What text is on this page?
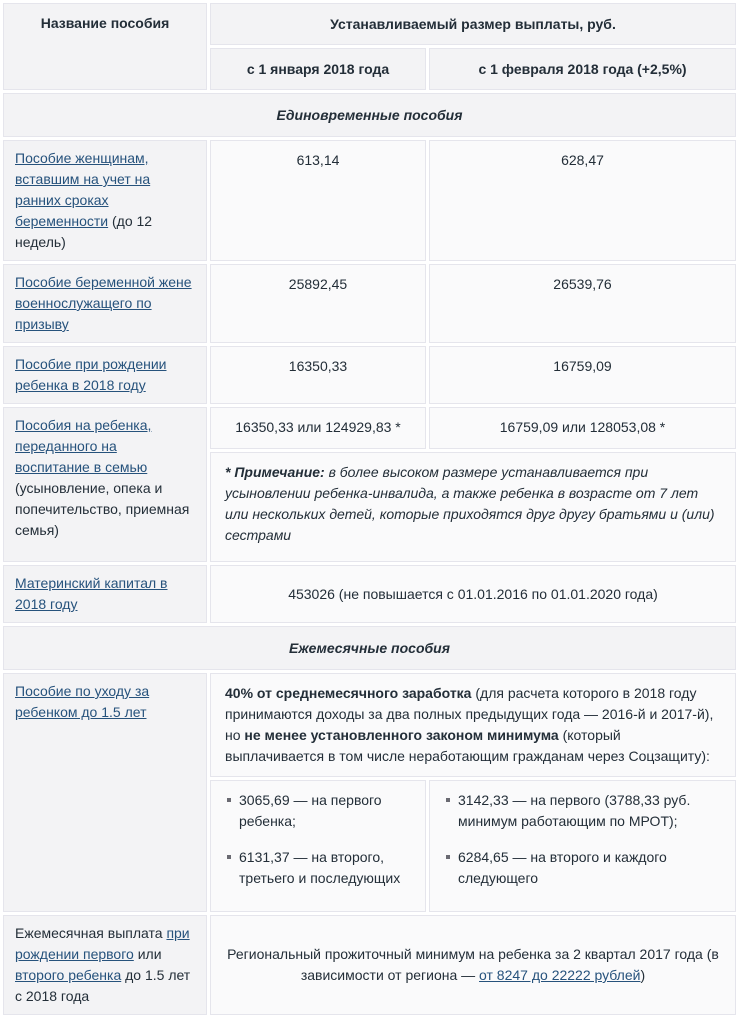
Название пособия	Устанавливаемый размер выплаты, руб.	
	с 1 января 2018 года	с 1 февраля 2018 года (+2,5%)
Единовременные пособия		
Пособие женщинам, вставшим на учет на ранних сроках беременности (до 12 недель)	613,14	628,47
Пособие беременной жене военнослужащего по призыву	25892,45	26539,76
Пособие при рождении ребенка в 2018 году	16350,33	16759,09
Пособия на ребенка, переданного на воспитание в семью (усыновление, опека и попечительство, приемная семья)	16350,33 или 124929,83 *	16759,09 или 128053,08 *
	* Примечание: в более высоком размере устанавливается при усыновлении ребенка-инвалида, а также ребенка в возрасте от 7 лет или нескольких детей, которые приходятся друг другу братьями и (или) сестрами	
Материнский капитал в 2018 году	453026 (не повышается с 01.01.2016 по 01.01.2020 года)	
Ежемесячные пособия		
Пособие по уходу за ребенком до 1.5 лет	40% от среднемесячного заработка (для расчета которого в 2018 году принимаются доходы за два полных предыдущих года — 2016-й и 2017-й), но не менее установленного законом минимума (который выплачивается в том числе неработающим гражданам через Соцзащиту):	

3065,69 — на первого ребенка;
6131,37 — на второго, третьего и последующих

3142,33 — на первого (3788,33 руб. минимум работающим по МРОТ);
6284,65 — на второго и каждого следующего

Ежемесячная выплата при рождении первого или второго ребенка до 1.5 лет с 2018 года	Региональный прожиточный минимум на ребенка за 2 квартал 2017 года (в зависимости от региона — от 8247 до 22222 рублей)	
